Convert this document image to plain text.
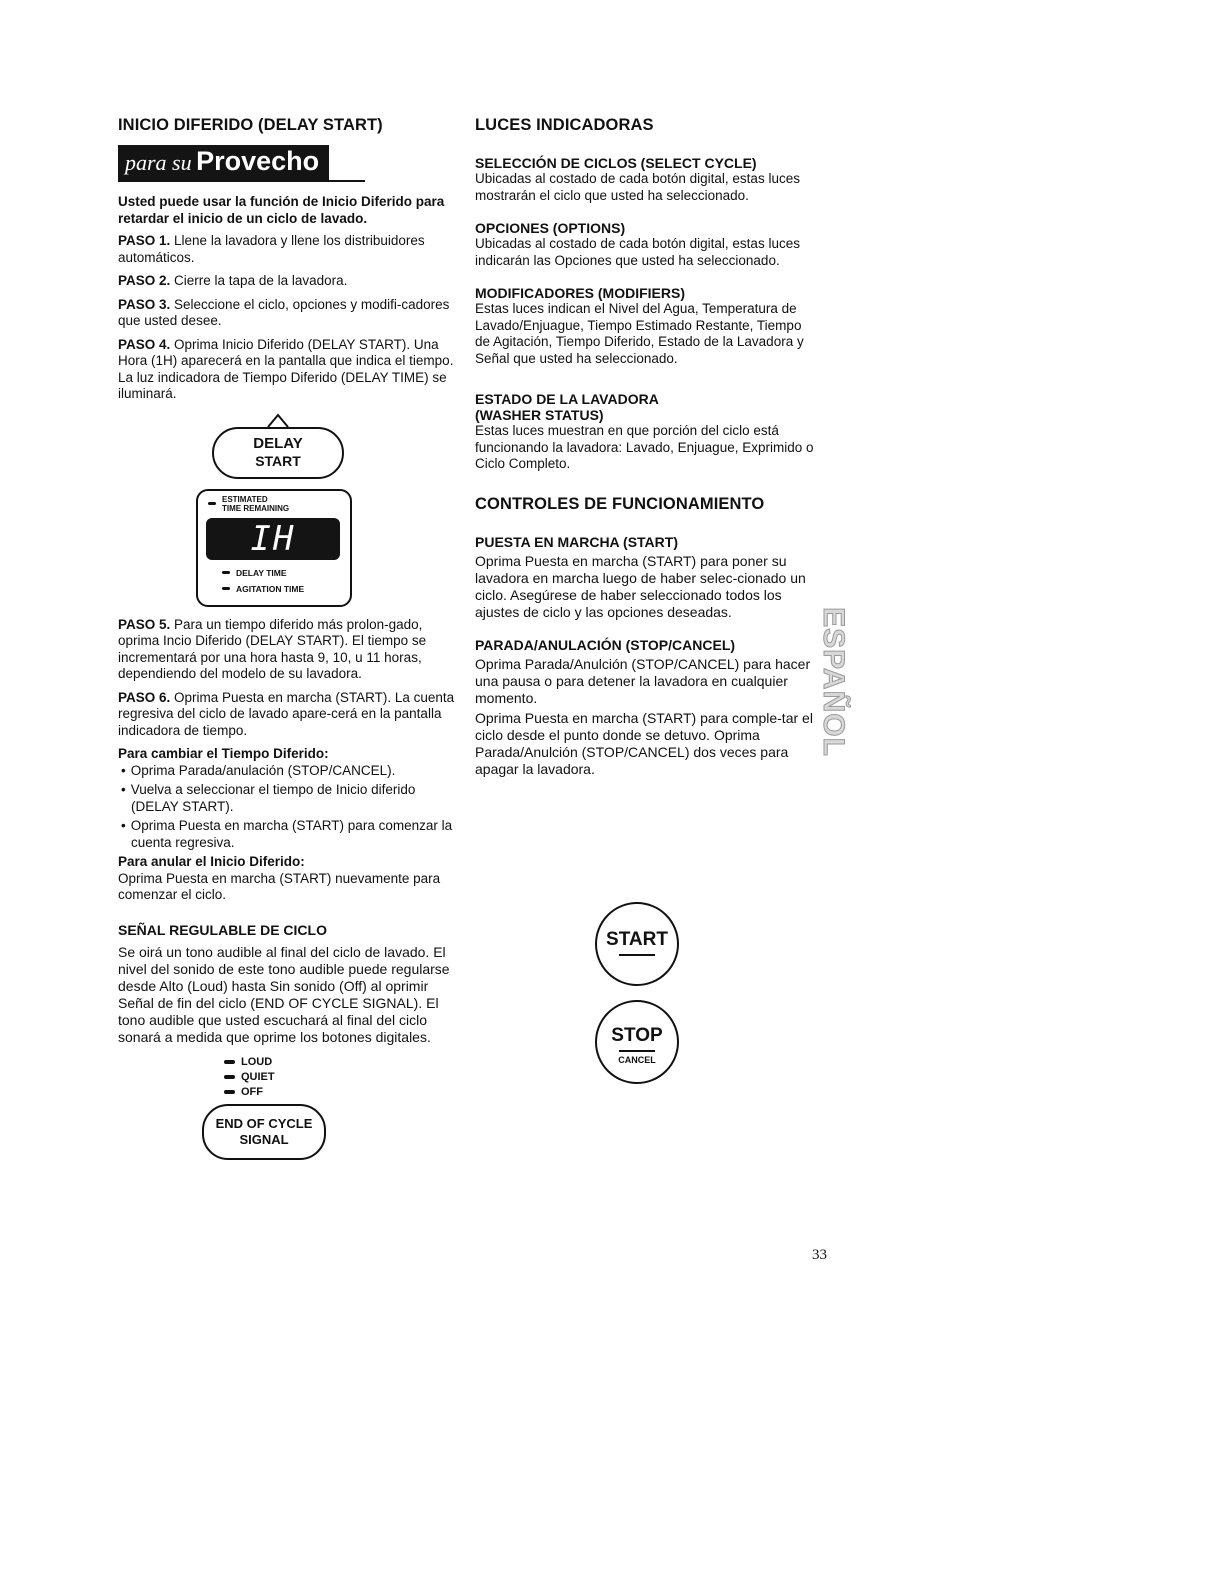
INICIO DIFERIDO (DELAY START)
para su Provecho

Usted puede usar la función de Inicio Diferido para retardar el inicio de un ciclo de lavado.

PASO 1. Llene la lavadora y llene los distribuidores automáticos.

PASO 2. Cierre la tapa de la lavadora.

PASO 3. Seleccione el ciclo, opciones y modifi-cadores que usted desee.

PASO 4. Oprima Inicio Diferido (DELAY START). Una Hora (1H) aparecerá en la pantalla que indica el tiempo. La luz indicadora de Tiempo Diferido (DELAY TIME) se iluminará.

DELAY
START
ESTIMATED
TIME REMAINING
IH
DELAY TIME
AGITATION TIME

PASO 5. Para un tiempo diferido más prolon-gado, oprima Incio Diferido (DELAY START). El tiempo se incrementará por una hora hasta 9, 10, u 11 horas, dependiendo del modelo de su lavadora.

PASO 6. Oprima Puesta en marcha (START). La cuenta regresiva del ciclo de lavado apare-cerá en la pantalla indicadora de tiempo.

Para cambiar el Tiempo Diferido:

• Oprima Parada/anulación (STOP/CANCEL).
• Vuelva a seleccionar el tiempo de Inicio diferido (DELAY START).
• Oprima Puesta en marcha (START) para comenzar la cuenta regresiva.

Para anular el Inicio Diferido:

Oprima Puesta en marcha (START) nuevamente para comenzar el ciclo.

SEÑAL REGULABLE DE CICLO

Se oirá un tono audible al final del ciclo de lavado. El nivel del sonido de este tono audible puede regularse desde Alto (Loud) hasta Sin sonido (Off) al oprimir Señal de fin del ciclo (END OF CYCLE SIGNAL). El tono audible que usted escuchará al final del ciclo sonará a medida que oprime los botones digitales.

LOUD
QUIET
OFF
END OF CYCLE
SIGNAL
LUCES INDICADORAS
SELECCIÓN DE CICLOS (SELECT CYCLE)

Ubicadas al costado de cada botón digital, estas luces mostrarán el ciclo que usted ha seleccionado.

OPCIONES (OPTIONS)

Ubicadas al costado de cada botón digital, estas luces indicarán las Opciones que usted ha seleccionado.

MODIFICADORES (MODIFIERS)

Estas luces indican el Nivel del Agua, Temperatura de Lavado/Enjuague, Tiempo Estimado Restante, Tiempo de Agitación, Tiempo Diferido, Estado de la Lavadora y Señal que usted ha seleccionado.

ESTADO DE LA LAVADORA (WASHER STATUS)

Estas luces muestran en que porción del ciclo está funcionando la lavadora: Lavado, Enjuague, Exprimido o Ciclo Completo.

CONTROLES DE FUNCIONAMIENTO
PUESTA EN MARCHA (START)

Oprima Puesta en marcha (START) para poner su lavadora en marcha luego de haber selec-cionado un ciclo. Asegúrese de haber seleccionado todos los ajustes de ciclo y las opciones deseadas.

PARADA/ANULACIÓN (STOP/CANCEL)

Oprima Parada/Anulción (STOP/CANCEL) para hacer una pausa o para detener la lavadora en cualquier momento.

Oprima Puesta en marcha (START) para comple-tar el ciclo desde el punto donde se detuvo. Oprima Parada/Anulción (STOP/CANCEL) dos veces para apagar la lavadora.

START
STOP
CANCEL
ESPAÑOL
33
